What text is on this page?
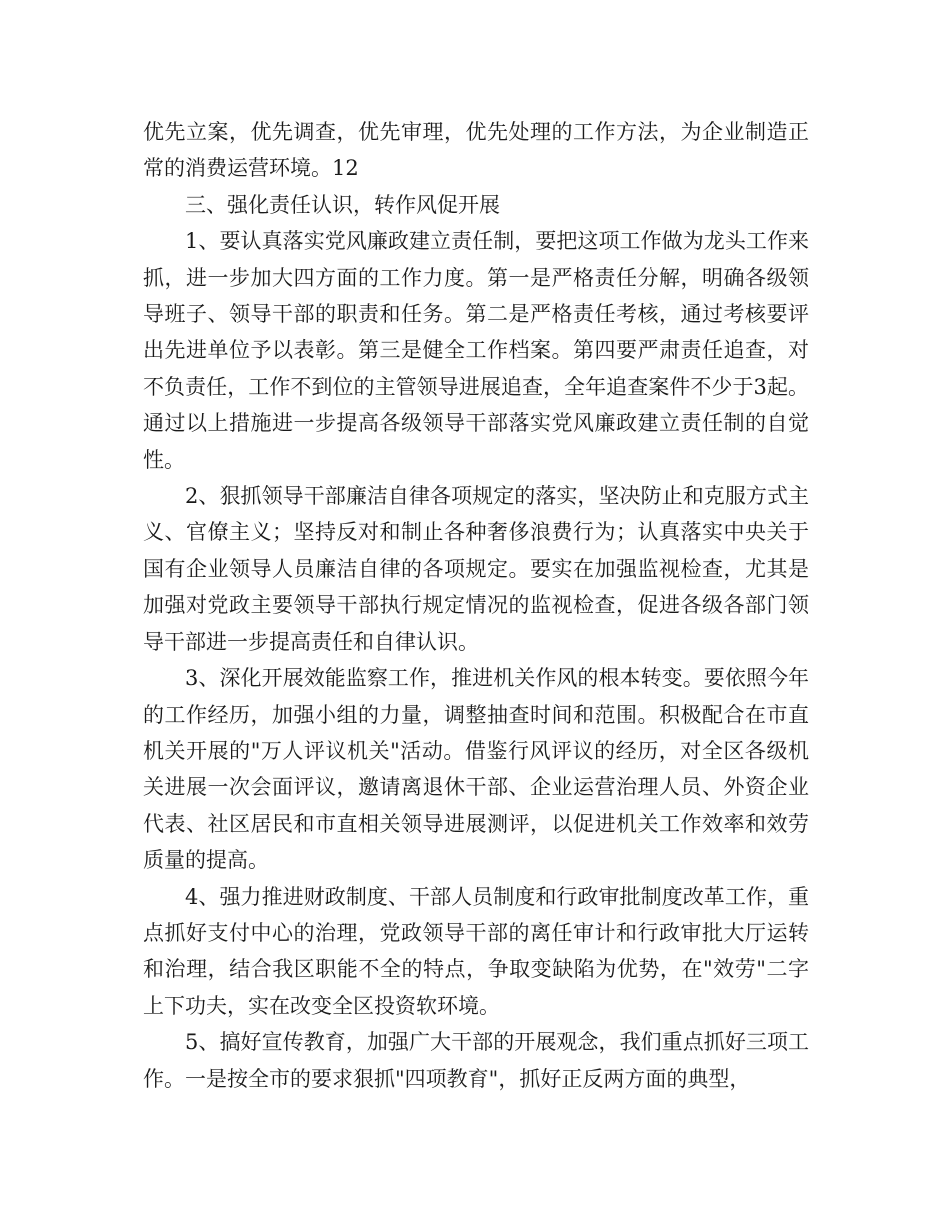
优先立案，优先调查，优先审理，优先处理的工作方法，为企业制造正常的消费运营环境。12

三、强化责任认识，转作风促开展

1、要认真落实党风廉政建立责任制，要把这项工作做为龙头工作来抓，进一步加大四方面的工作力度。第一是严格责任分解，明确各级领导班子、领导干部的职责和任务。第二是严格责任考核，通过考核要评出先进单位予以表彰。第三是健全工作档案。第四要严肃责任追查，对不负责任，工作不到位的主管领导进展追查，全年追查案件不少于3起。通过以上措施进一步提高各级领导干部落实党风廉政建立责任制的自觉性。

2、狠抓领导干部廉洁自律各项规定的落实，坚决防止和克服方式主义、官僚主义；坚持反对和制止各种奢侈浪费行为；认真落实中央关于国有企业领导人员廉洁自律的各项规定。要实在加强监视检查，尤其是加强对党政主要领导干部执行规定情况的监视检查，促进各级各部门领导干部进一步提高责任和自律认识。

3、深化开展效能监察工作，推进机关作风的根本转变。要依照今年的工作经历，加强小组的力量，调整抽查时间和范围。积极配合在市直机关开展的"万人评议机关"活动。借鉴行风评议的经历，对全区各级机关进展一次会面评议，邀请离退休干部、企业运营治理人员、外资企业代表、社区居民和市直相关领导进展测评，以促进机关工作效率和效劳质量的提高。

4、强力推进财政制度、干部人员制度和行政审批制度改革工作，重点抓好支付中心的治理，党政领导干部的离任审计和行政审批大厅运转和治理，结合我区职能不全的特点，争取变缺陷为优势，在"效劳"二字上下功夫，实在改变全区投资软环境。

5、搞好宣传教育，加强广大干部的开展观念，我们重点抓好三项工作。一是按全市的要求狠抓"四项教育"，抓好正反两方面的典型，
